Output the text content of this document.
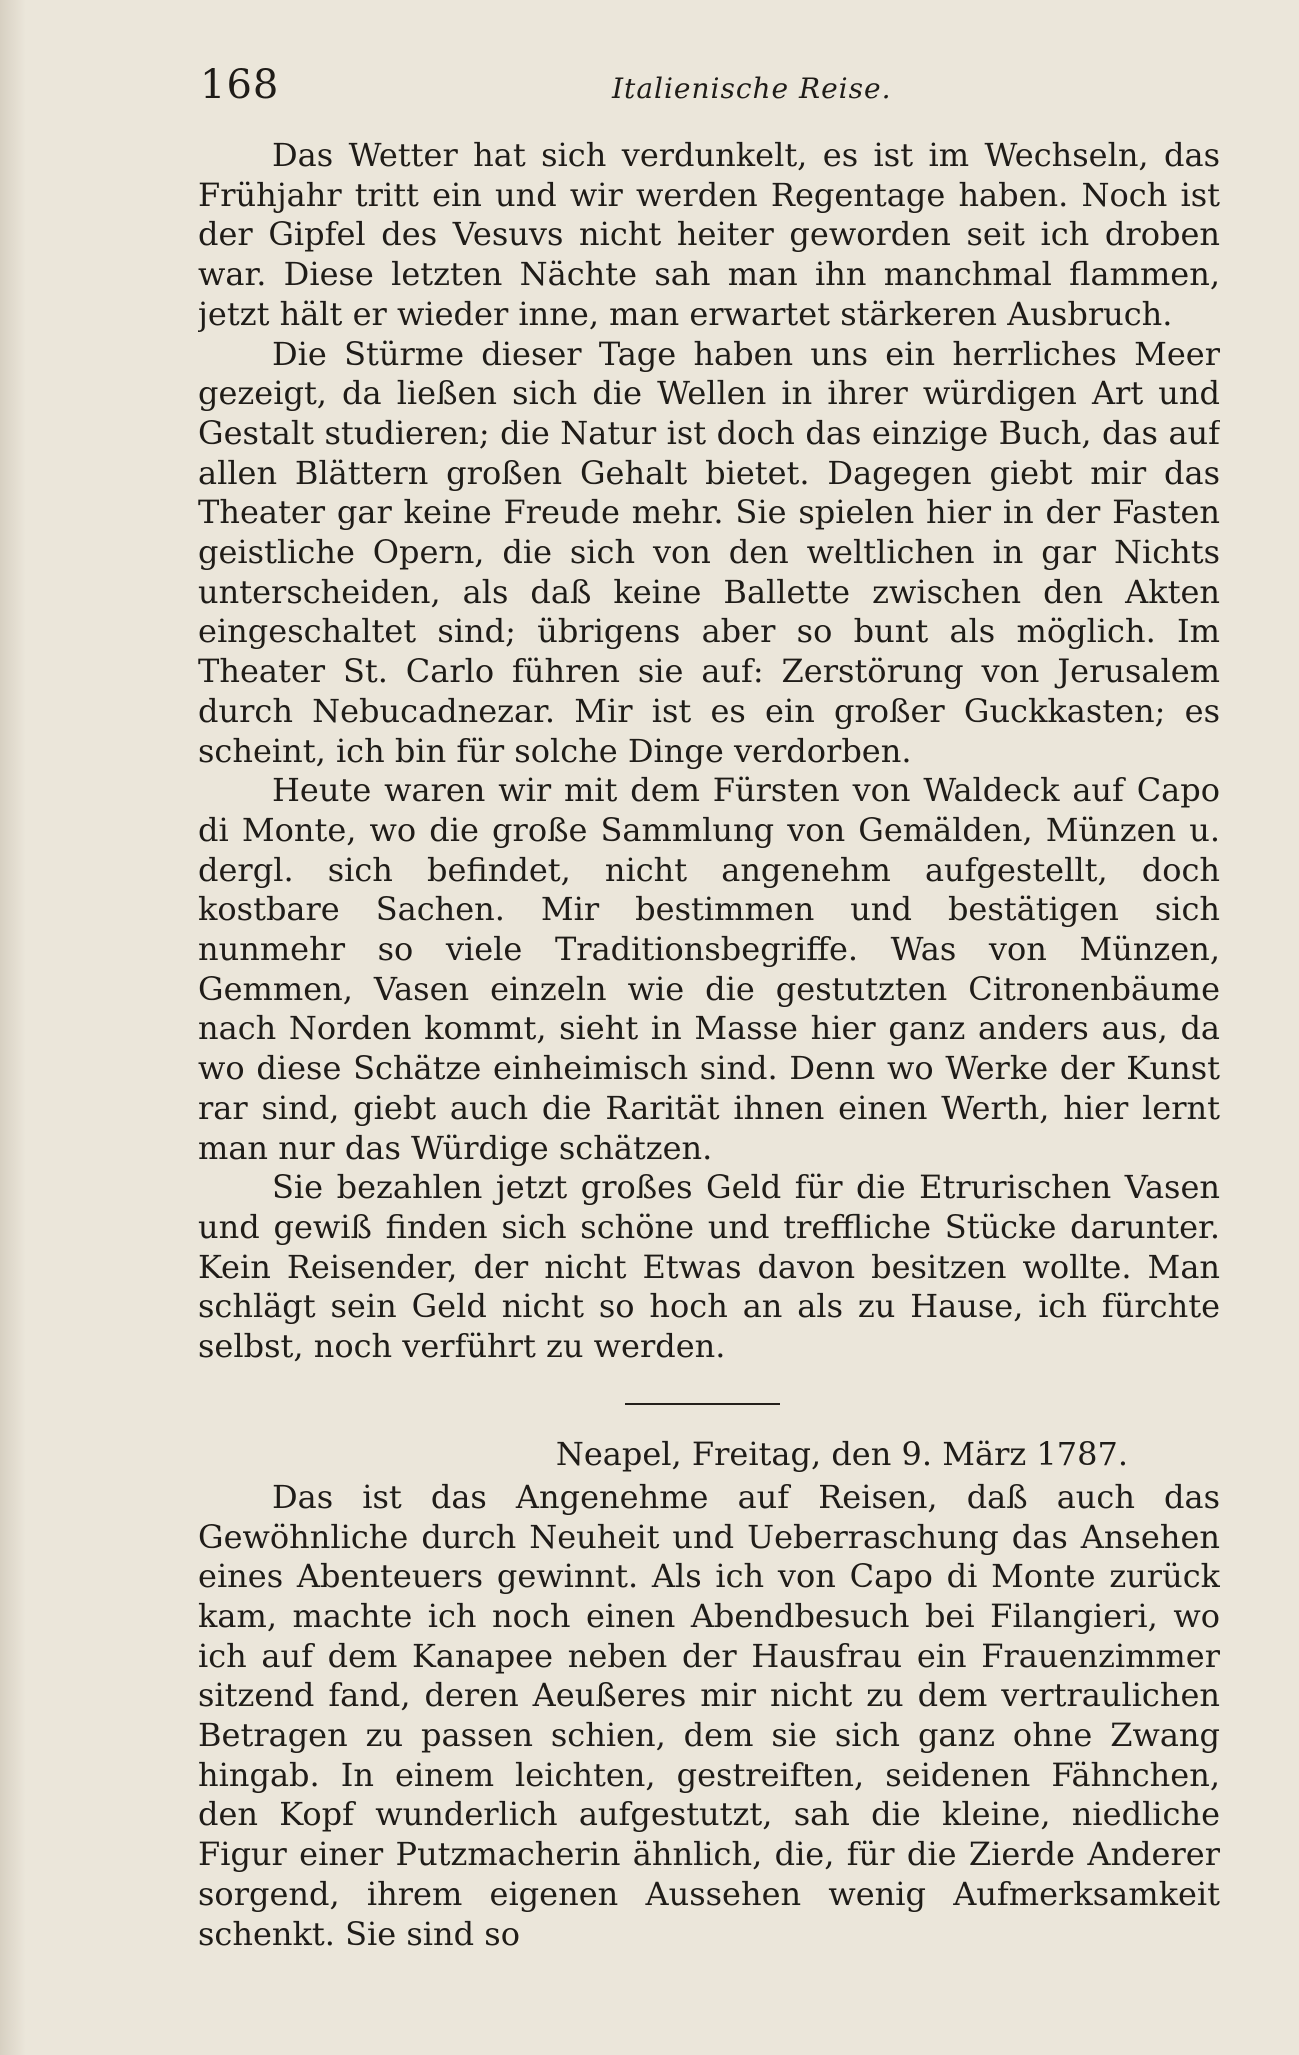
168	Italienische Reise.

Das Wetter hat sich verdunkelt, es ist im Wechseln, das Frühjahr tritt ein und wir werden Regentage haben. Noch ist der Gipfel des Vesuvs nicht heiter geworden seit ich droben war. Diese letzten Nächte sah man ihn manchmal flammen, jetzt hält er wieder inne, man erwartet stärkeren Ausbruch.

Die Stürme dieser Tage haben uns ein herrliches Meer gezeigt, da ließen sich die Wellen in ihrer würdigen Art und Gestalt studieren; die Natur ist doch das einzige Buch, das auf allen Blättern großen Gehalt bietet. Dagegen giebt mir das Theater gar keine Freude mehr. Sie spielen hier in der Fasten geistliche Opern, die sich von den weltlichen in gar Nichts unterscheiden, als daß keine Ballette zwischen den Akten eingeschaltet sind; übrigens aber so bunt als möglich. Im Theater St. Carlo führen sie auf: Zerstörung von Jerusalem durch Nebucadnezar. Mir ist es ein großer Guckkasten; es scheint, ich bin für solche Dinge verdorben.

Heute waren wir mit dem Fürsten von Waldeck auf Capo di Monte, wo die große Sammlung von Gemälden, Münzen u. dergl. sich befindet, nicht angenehm aufgestellt, doch kostbare Sachen. Mir bestimmen und bestätigen sich nunmehr so viele Traditionsbegriffe. Was von Münzen, Gemmen, Vasen einzeln wie die gestutzten Citronenbäume nach Norden kommt, sieht in Masse hier ganz anders aus, da wo diese Schätze einheimisch sind. Denn wo Werke der Kunst rar sind, giebt auch die Rarität ihnen einen Werth, hier lernt man nur das Würdige schätzen.

Sie bezahlen jetzt großes Geld für die Etrurischen Vasen und gewiß finden sich schöne und treffliche Stücke darunter. Kein Reisender, der nicht Etwas davon besitzen wollte. Man schlägt sein Geld nicht so hoch an als zu Hause, ich fürchte selbst, noch verführt zu werden.

Neapel, Freitag, den 9. März 1787.

Das ist das Angenehme auf Reisen, daß auch das Gewöhnliche durch Neuheit und Ueberraschung das Ansehen eines Abenteuers gewinnt. Als ich von Capo di Monte zurück kam, machte ich noch einen Abendbesuch bei Filangieri, wo ich auf dem Kanapee neben der Hausfrau ein Frauenzimmer sitzend fand, deren Aeußeres mir nicht zu dem vertraulichen Betragen zu passen schien, dem sie sich ganz ohne Zwang hingab. In einem leichten, gestreiften, seidenen Fähnchen, den Kopf wunderlich aufgestutzt, sah die kleine, niedliche Figur einer Putzmacherin ähnlich, die, für die Zierde Anderer sorgend, ihrem eigenen Aussehen wenig Aufmerksamkeit schenkt. Sie sind so
